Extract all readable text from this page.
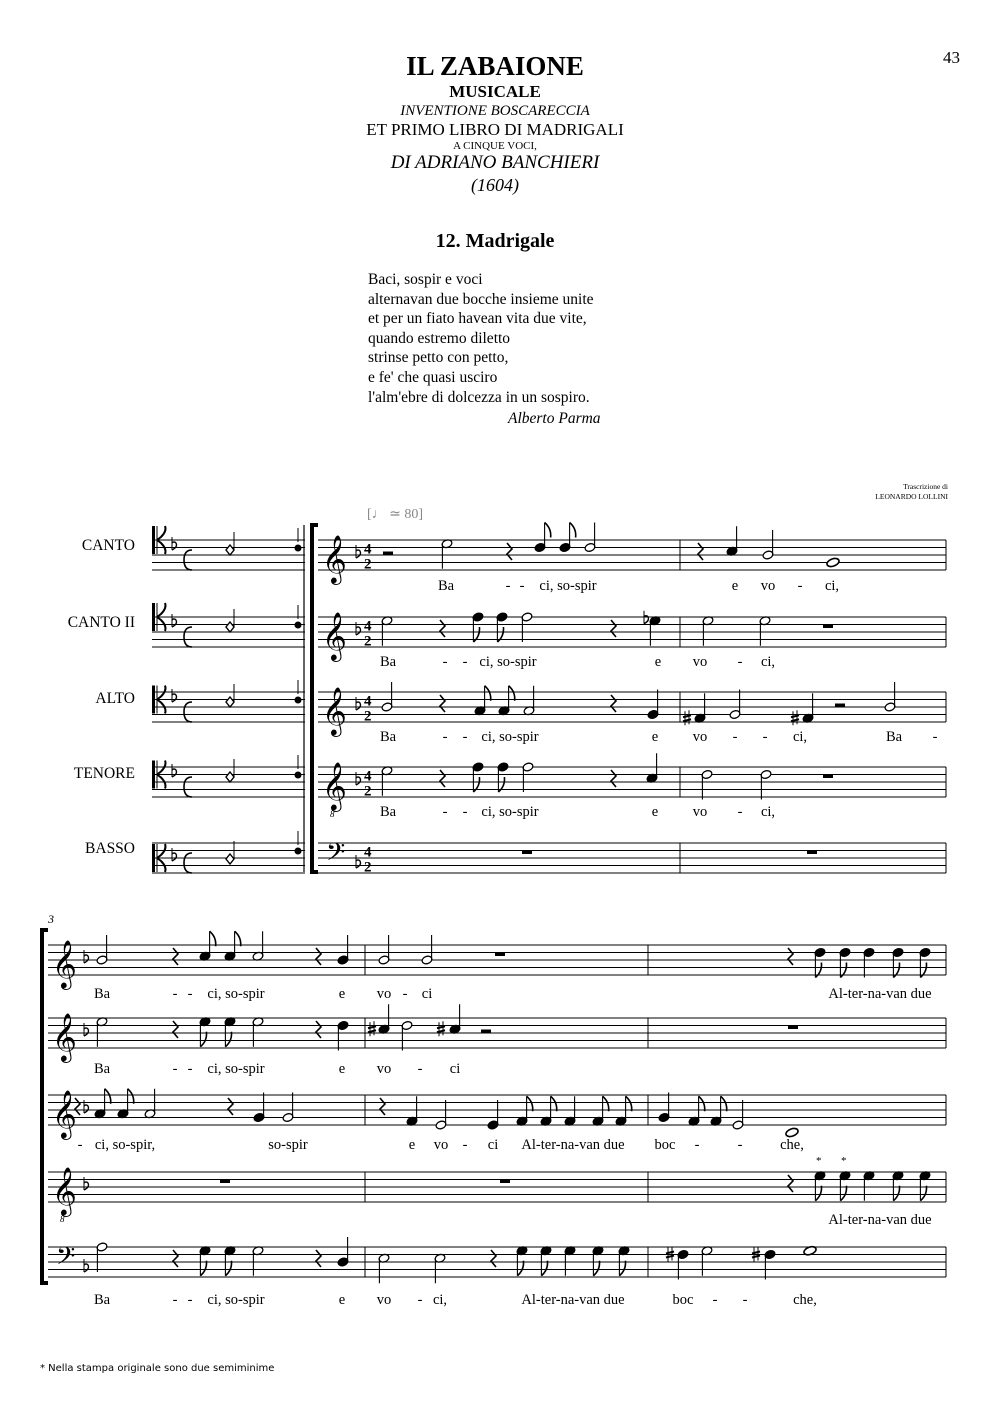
43
IL ZABAIONE
MUSICALE
INVENTIONE BOSCARECCIA
ET PRIMO LIBRO DI MADRIGALI
A CINQUE VOCI,
DI ADRIANO BANCHIERI
(1604)
12. Madrigale
Baci, sospir e voci
alternavan due bocche insieme unite
et per un fiato havean vita due vite,
quando estremo diletto
strinse petto con petto,
e fe' che quasi usciro
l'alm'ebre di dolcezza in un sospiro.
Alberto Parma
Trascrizione di
LEONARDO LOLLINI
CANTO
CANTO II
ALTO
TENORE
BASSO
𝄞 4
2
𝄞 4
2
𝄞 4
2
𝄞
8
4
2
𝄢 4
2
Ba	- - ci, so-spir	e vo - ci,
Ba	- - ci, so-spir	e vo - ci,
Ba	- - ci, so-spir	e vo - - ci,	Ba -
Ba	- - ci, so-spir	e vo - ci,
𝄞
𝄞
𝄞
𝄞
8
𝄢
* *
Ba	- - ci, so-spir	e vo - ci	Al-ter-na-van due
Ba	- - ci, so-spir	e vo - ci
- ci, so-spir,	so-spir	e vo - ci Al-ter-na-van due boc -	-	che,
Al-ter-na-van due
Ba	- - ci, so-spir	e vo - ci,	Al-ter-na-van due	boc - -	che,
[♩ ≃ 80]
3
* Nella stampa originale sono due semiminime
